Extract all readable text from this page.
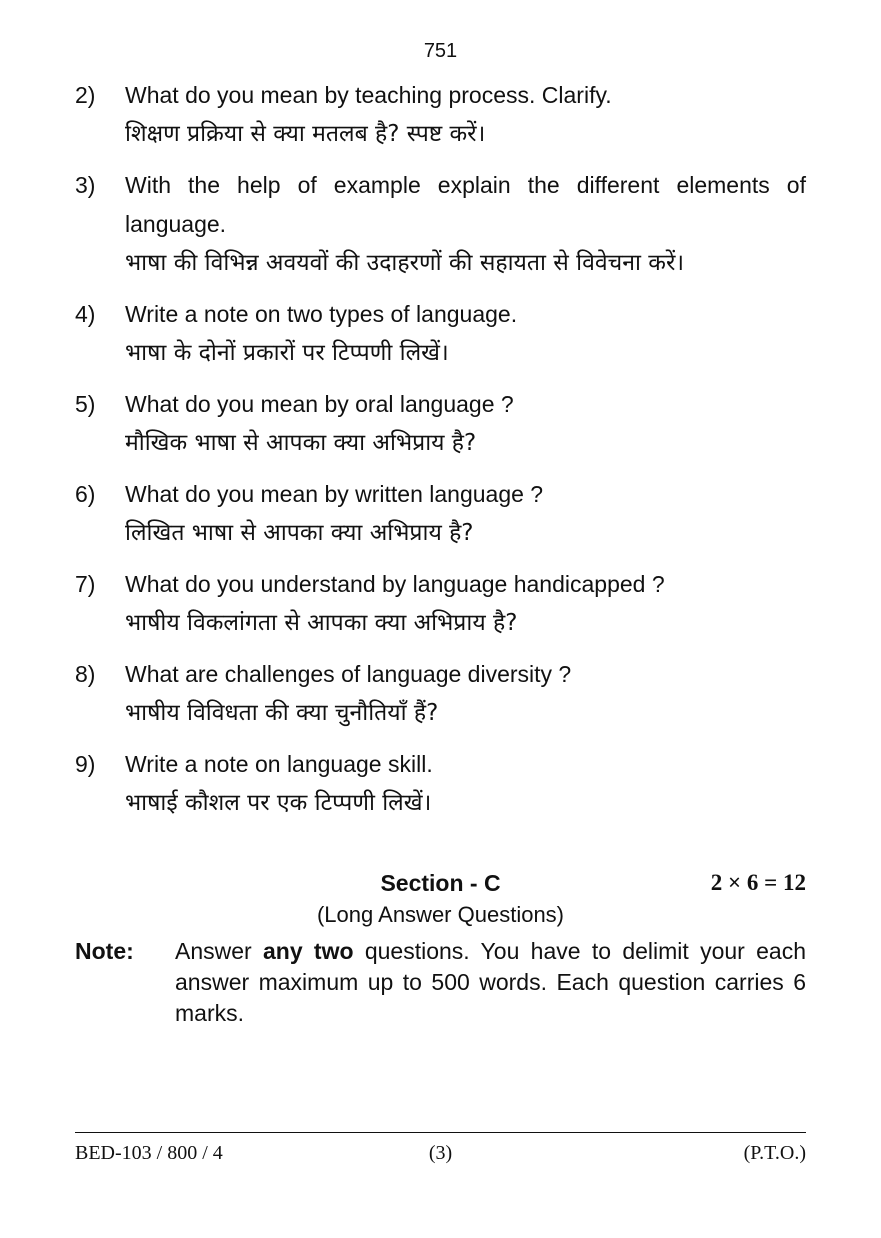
751
2) What do you mean by teaching process. Clarify.
शिक्षण प्रक्रिया से क्या मतलब है? स्पष्ट करें।
3) With the help of example explain the different elements of language.
भाषा की विभिन्न अवयवों की उदाहरणों की सहायता से विवेचना करें।
4) Write a note on two types of language.
भाषा के दोनों प्रकारों पर टिप्पणी लिखें।
5) What do you mean by oral language ?
मौखिक भाषा से आपका क्या अभिप्राय है?
6) What do you mean by written language ?
लिखित भाषा से आपका क्या अभिप्राय है?
7) What do you understand by language handicapped ?
भाषीय विकलांगता से आपका क्या अभिप्राय है?
8) What are challenges of language diversity ?
भाषीय विविधता की क्या चुनौतियाँ हैं?
9) Write a note on language skill.
भाषाई कौशल पर एक टिप्पणी लिखें।
Section - C	2 × 6 = 12
(Long Answer Questions)
Note: Answer any two questions. You have to delimit your each answer maximum up to 500 words. Each question carries 6 marks.
BED-103 / 800 / 4	(3)	(P.T.O.)
